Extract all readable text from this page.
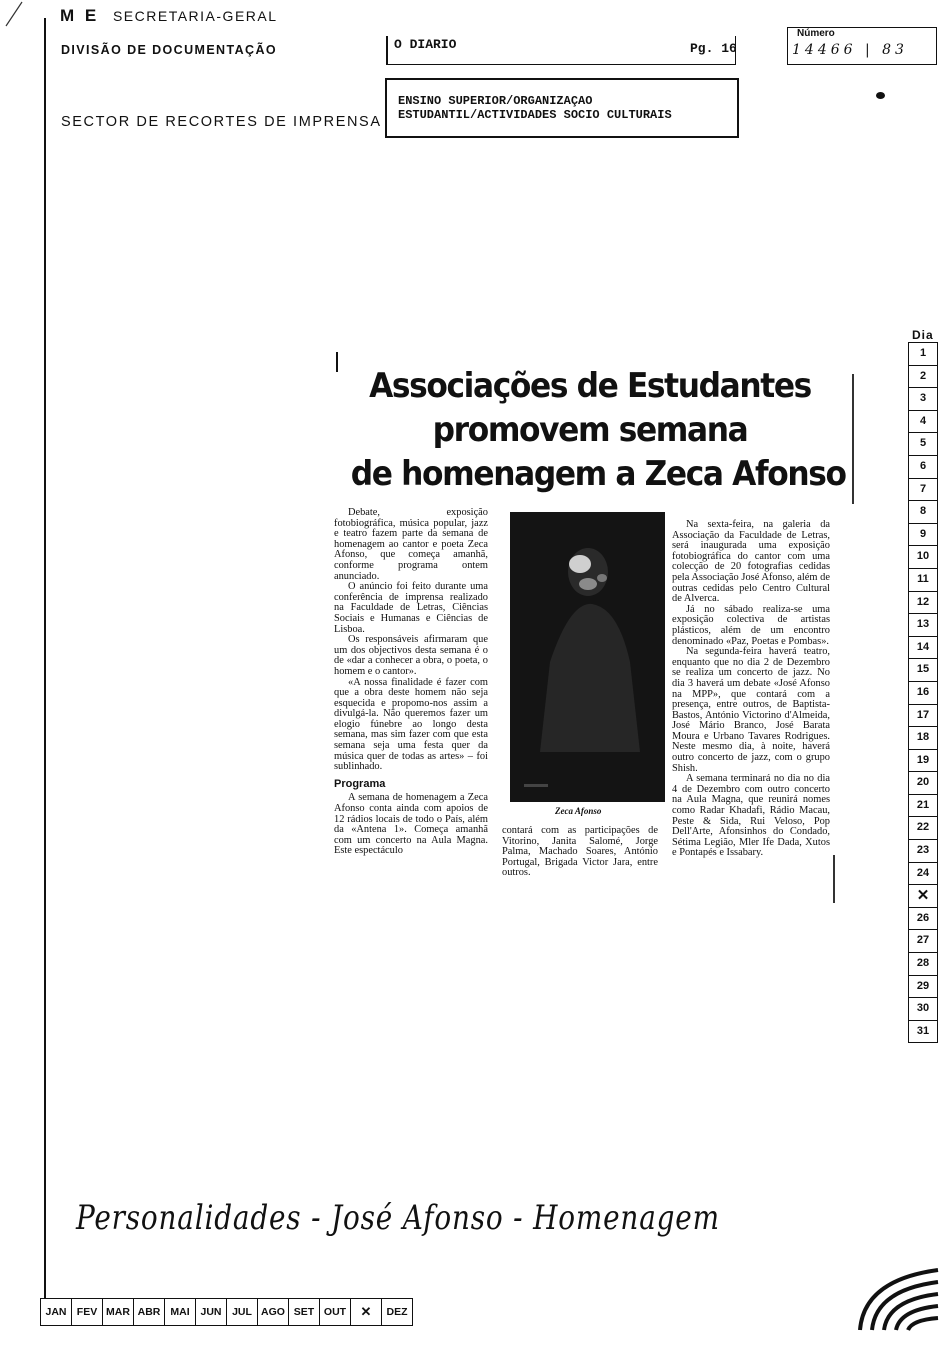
M E SECRETARIA-GERAL
DIVISÃO DE DOCUMENTAÇÃO
SECTOR DE RECORTES DE IMPRENSA
O DIARIO	Pg. 16
Número
14466 | 83
ENSINO SUPERIOR/ORGANIZAÇAO ESTUDANTIL/ACTIVIDADES SOCIO CULTURAIS
Dia
1
2
3
4
5
6
7
8
9
10
11
12
13
14
15
16
17
18
19
20
21
22
23
24
✕
26
27
28
29
30
31
JAN FEV MAR ABR MAI	JUN	JUL AGO SET OUT	✕	DEZ
Associações de Estudantes
promovem semana
de homenagem a Zeca Afonso

Debate, exposição fotobiográfica, música popular, jazz e teatro fazem parte da semana de homenagem ao cantor e poeta Zeca Afonso, que começa amanhã, conforme programa ontem anunciado.

O anúncio foi feito durante uma conferência de imprensa realizado na Faculdade de Letras, Ciências Sociais e Humanas e Ciências de Lisboa.

Os responsáveis afirmaram que um dos objectivos desta semana é o de «dar a conhecer a obra, o poeta, o homem e o cantor».

«A nossa finalidade é fazer com que a obra deste homem não seja esquecida e propomo-nos assim a divulgá-la. Não queremos fazer um elogio fúnebre ao longo desta semana, mas sim fazer com que esta semana seja uma festa quer da música quer de todas as artes» – foi sublinhado.

Programa

A semana de homenagem a Zeca Afonso conta ainda com apoios de 12 rádios locais de todo o País, além da «Antena 1». Começa amanhã com um concerto na Aula Magna. Este espectáculo

Zeca Afonso

contará com as participações de Vitorino, Janita Salomé, Jorge Palma, Machado Soares, António Portugal, Brigada Victor Jara, entre outros.

Na sexta-feira, na galeria da Associação da Faculdade de Letras, será inaugurada uma exposição fotobiográfica do cantor com uma colecção de 20 fotografias cedidas pela Associação José Afonso, além de outras cedidas pelo Centro Cultural de Alverca.

Já no sábado realiza-se uma exposição colectiva de artistas plásticos, além de um encontro denominado «Paz, Poetas e Pombas».

Na segunda-feira haverá teatro, enquanto que no dia 2 de Dezembro se realiza um concerto de jazz. No dia 3 haverá um debate «José Afonso na MPP», que contará com a presença, entre outros, de Baptista-Bastos, António Victorino d'Almeida, José Mário Branco, José Barata Moura e Urbano Tavares Rodrigues. Neste mesmo dia, à noite, haverá outro concerto de jazz, com o grupo Shish.

A semana terminará no dia no dia 4 de Dezembro com outro concerto na Aula Magna, que reunirá nomes como Radar Khadafi, Rádio Macau, Peste & Sida, Rui Veloso, Pop Dell'Arte, Afonsinhos do Condado, Sétima Legião, Mler Ife Dada, Xutos e Pontapés e Issabary.

Personalidades - José Afonso - Homenagem
